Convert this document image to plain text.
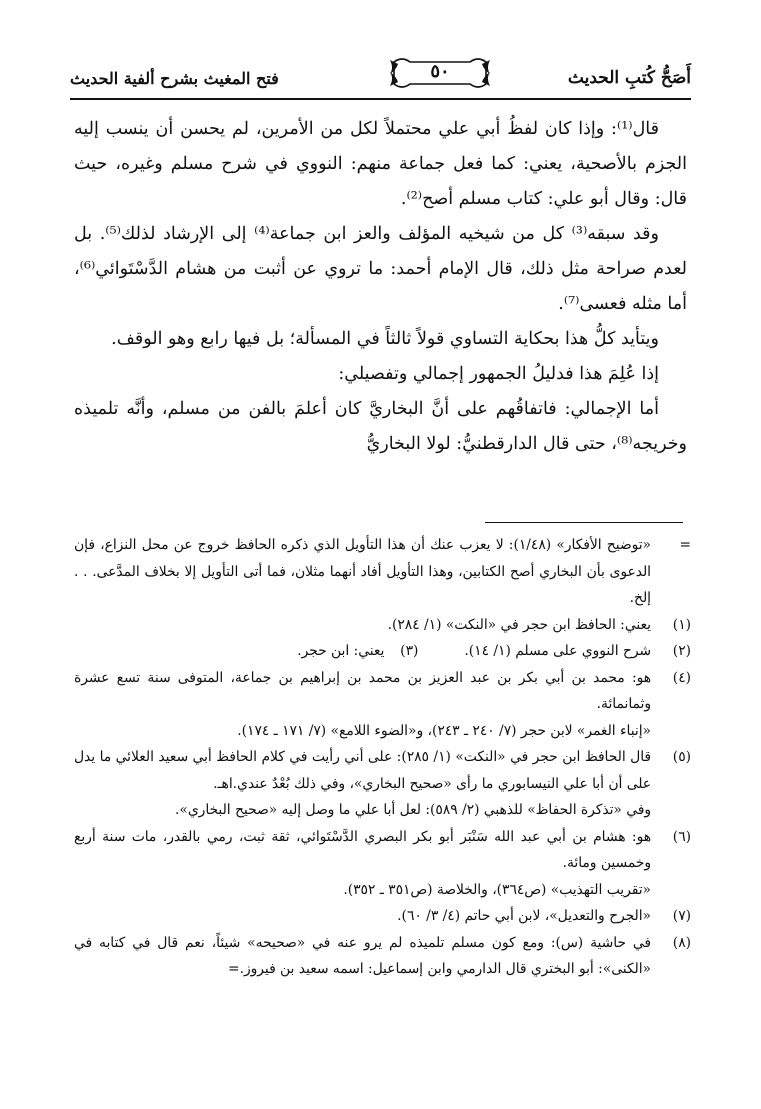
أَصَحُّ كُتبِ الحديث
فتح المغيث بشرح ألفية الحديث	٥٠

قال⁽¹⁾: وإذا كان لفظُ أبي علي محتملاً لكل من الأمرين، لم يحسن أن ينسب إليه الجزم بالأصحية، يعني: كما فعل جماعة منهم: النووي في شرح مسلم وغيره، حيث قال: وقال أبو علي: كتاب مسلم أصح⁽²⁾.

وقد سبقه⁽³⁾ كل من شيخيه المؤلف والعز ابن جماعة⁽⁴⁾ إلى الإرشاد لذلك⁽⁵⁾. بل لعدم صراحة مثل ذلك، قال الإمام أحمد: ما تروي عن أثبت من هشام الدَّسْتَوائي⁽⁶⁾، أما مثله فعسى⁽⁷⁾.

ويتأيد كلُّ هذا بحكاية التساوي قولاً ثالثاً في المسألة؛ بل فيها رابع وهو الوقف.

إذا عُلِمَ هذا فدليلُ الجمهور إجمالي وتفصيلي:

أما الإجمالي: فاتفاقُهم على أنَّ البخاريَّ كان أعلمَ بالفن من مسلم، وأنَّه تلميذه وخريجه⁽⁸⁾، حتى قال الدارقطنيُّ: لولا البخاريُّ

=
«توضيح الأفكار» (١/٤٨): لا يعزب عنك أن هذا التأويل الذي ذكره الحافظ خروج عن محل النزاع، فإن الدعوى بأن البخاري أصح الكتابين، وهذا التأويل أفاد أنهما مثلان، فما أتى التأويل إلا بخلاف المدَّعى. . . إلخ.
(١)
يعني: الحافظ ابن حجر في «النكت» (١/ ٢٨٤).
(٢)
شرح النووي على مسلم (١/ ١٤).
(٣)
يعني: ابن حجر.
(٤)
هو: محمد بن أبي بكر بن عبد العزيز بن محمد بن إبراهيم بن جماعة، المتوفى سنة تسع عشرة وثمانمائة.
«إنباء الغمر» لابن حجر (٧/ ٢٤٠ ـ ٢٤٣)، و«الضوء اللامع» (٧/ ١٧١ ـ ١٧٤).
(٥)
قال الحافظ ابن حجر في «النكت» (١/ ٢٨٥): على أني رأيت في كلام الحافظ أبي سعيد العلائي ما يدل على أن أبا علي النيسابوري ما رأى «صحيح البخاري»، وفي ذلك بُعْدٌ عندي.اهـ.
وفي «تذكرة الحفاظ» للذهبي (٢/ ٥٨٩): لعل أبا علي ما وصل إليه «صحيح البخاري».
(٦)
هو: هشام بن أبي عبد الله سَنْبَر أبو بكر البصري الدَّسْتَوائي، ثقة ثبت، رمي بالقدر، مات سنة أربع وخمسين ومائة.
«تقريب التهذيب» (ص٣٦٤)، والخلاصة (ص٣٥١ ـ ٣٥٢).
(٧)
«الجرح والتعديل»، لابن أبي حاتم (٤/ ٣/ ٦٠).
(٨)
في حاشية (س): ومع كون مسلم تلميذه لم يرو عنه في «صحيحه» شيئاً، نعم قال في كتابه في «الكنى»: أبو البختري قال الدارمي وابن إسماعيل: اسمه سعيد بن فيروز.=
